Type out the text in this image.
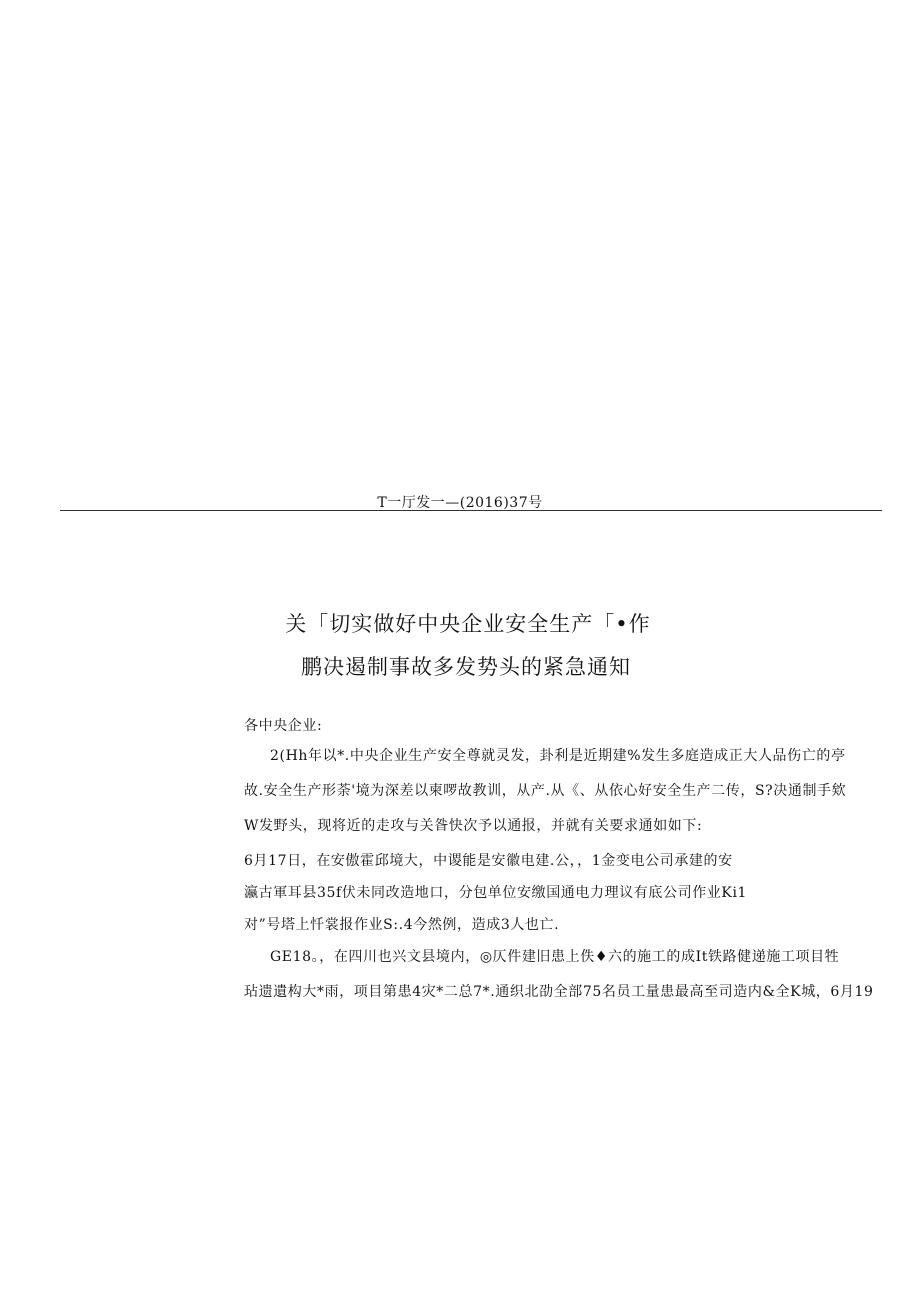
T一厅发一—(2016)37号
关「切实做好中央企业安全生产「•作
鹏决遏制事故多发势头的紧急通知
各中央企业:
2(Hh年以*.中央企业生产安全尊就灵发，卦利是近期建%发生多庭造成正大人品伤亡的亭
故.安全生产形荼'境为深差以柬啰故教训，从产.从《、从依心好安全生产二传，S?决通制手欸
W发野头，现将近的走攻与关昝快次予以通报，并就有关要求通如如下:
6月17日，在安傲霍邱境大，中谡能是安徽电建.公，，1金变电公司承建的安
瀛古軍耳县35f伏未同改造地口，分包单位安缴国通电力理议有底公司作业Ki1
对”号塔上忏裳报作业S:.4今然例，造成3人也亡.
GE18。，在四川也兴文县境内，◎仄件建旧患上佚♦六的施工的成It铁路健递施工项目牲
玷遗遺构大*雨，项目第患4灾*二总7*.通织北劭全部75名员工量患最高至司造内&全K城，6月19
